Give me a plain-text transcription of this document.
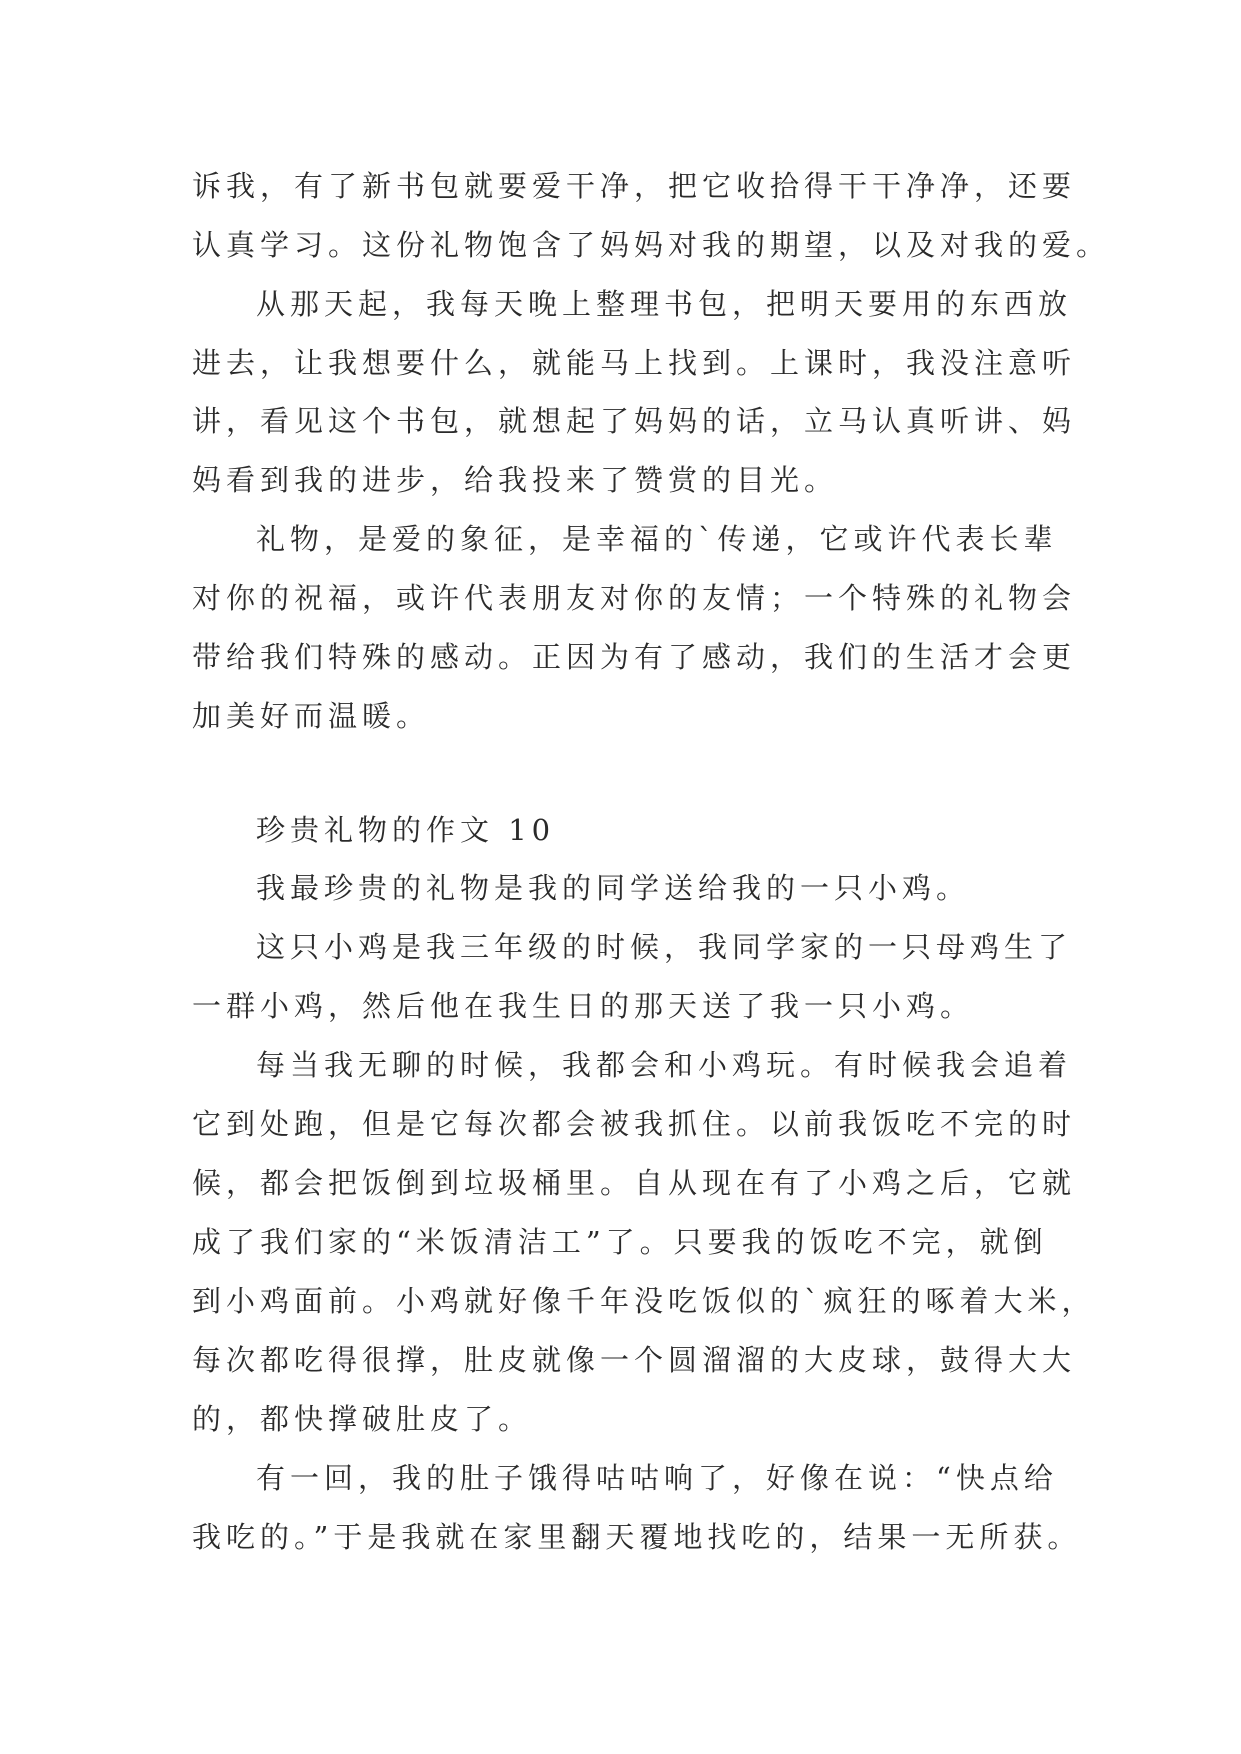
诉我，有了新书包就要爱干净，把它收拾得干干净净，还要
认真学习。这份礼物饱含了妈妈对我的期望，以及对我的爱。
从那天起，我每天晚上整理书包，把明天要用的东西放
进去，让我想要什么，就能马上找到。上课时，我没注意听
讲，看见这个书包，就想起了妈妈的话，立马认真听讲、妈
妈看到我的进步，给我投来了赞赏的目光。
礼物，是爱的象征，是幸福的`传递，它或许代表长辈
对你的祝福，或许代表朋友对你的友情；一个特殊的礼物会
带给我们特殊的感动。正因为有了感动，我们的生活才会更
加美好而温暖。
珍贵礼物的作文 10
我最珍贵的礼物是我的同学送给我的一只小鸡。
这只小鸡是我三年级的时候，我同学家的一只母鸡生了
一群小鸡，然后他在我生日的那天送了我一只小鸡。
每当我无聊的时候，我都会和小鸡玩。有时候我会追着
它到处跑，但是它每次都会被我抓住。以前我饭吃不完的时
候，都会把饭倒到垃圾桶里。自从现在有了小鸡之后，它就
成了我们家的“米饭清洁工”了。只要我的饭吃不完，就倒
到小鸡面前。小鸡就好像千年没吃饭似的`疯狂的啄着大米，
每次都吃得很撑，肚皮就像一个圆溜溜的大皮球，鼓得大大
的，都快撑破肚皮了。
有一回，我的肚子饿得咕咕响了，好像在说：“快点给
我吃的。”于是我就在家里翻天覆地找吃的，结果一无所获。
